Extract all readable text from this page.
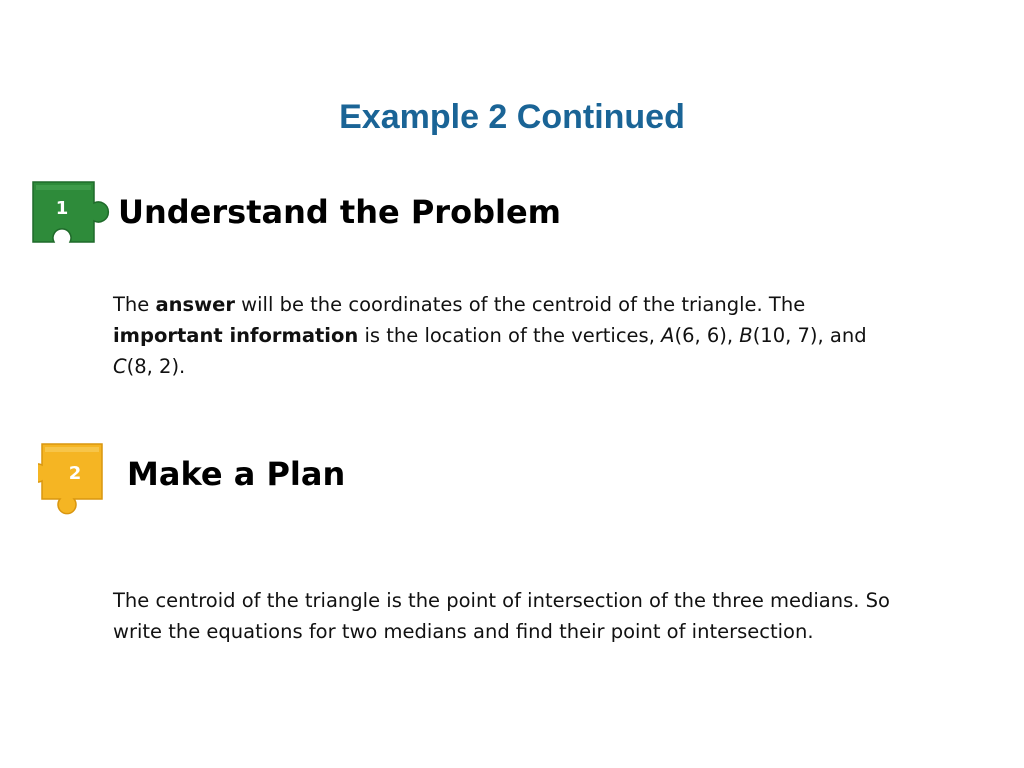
Example 2 Continued
1 Understand the Problem
The answer will be the coordinates of the centroid of the triangle. The
important information is the location of the vertices, A(6, 6), B(10, 7), and
C(8, 2).
2 Make a Plan
The centroid of the triangle is the point of intersection of the three medians. So write the equations for two medians and find their point of intersection.
